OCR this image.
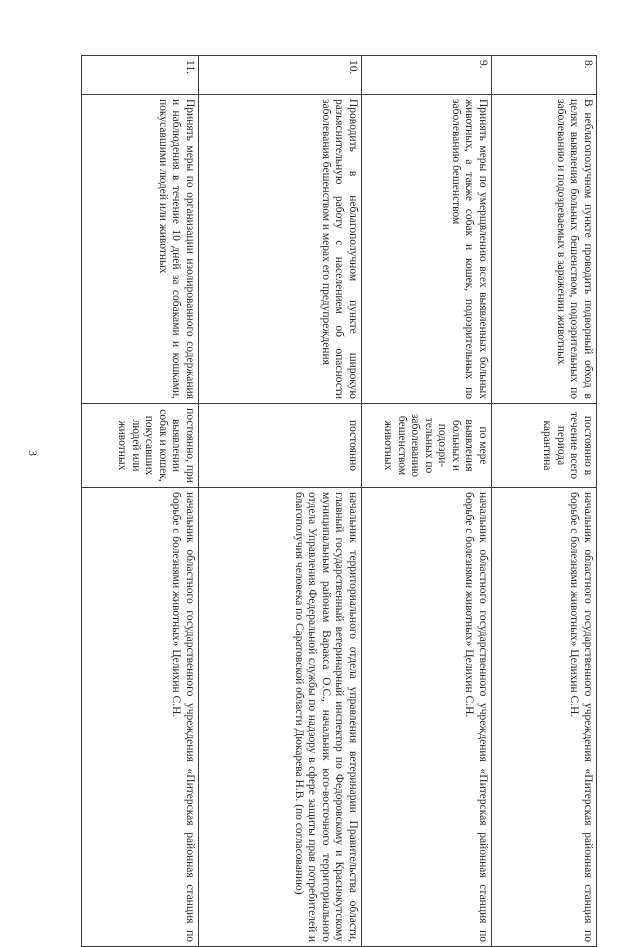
3
8.	В неблагополучном пункте проводить подворный обход в целях выявления больных бешенством, подозрительных по заболеванию и подозреваемых в заражении животных	постоянно в течение всего периода карантина	начальник областного государственного учреждения «Питерская районная станция по борьбе с болезнями животных» Целихин С.Н.
9.	Принять меры по умерщвлению всех выявленных больных животных, а также собак и кошек, подозрительных по заболеванию бешенством	по мере выявления больных и подозри-тельных по заболеванию бешенством животных	начальник областного государственного учреждения «Питерская районная станция по борьбе с болезнями животных» Целихин С.Н.
10.	Проводить в неблагополучном пункте широкую разъяснительную работу с населением об опасности заболевания бешенством и мерах его предупреждения	постоянно	начальник территориального отдела управления ветеринарии Правительства области, главный государственный ветеринарный инспектор по Федоровскому и Краснокутскому муниципальным районам Варакса О.С., начальник юго-восточного территориального отдела Управления Федеральной службы по надзору в сфере защиты прав потребителей и благополучия человека по Саратовской области Дюкарева Н.В. (по согласованию)
11.	Принять меры по организации изолированного содержания и наблюдения в течение 10 дней за собаками и кошками, покусавшими людей или животных	постоянно, при выявлении собак и кошек, покусавших людей или животных	начальник областного государственного учреждения «Питерская районная станция по борьбе с болезнями животных» Целихин С.Н.
